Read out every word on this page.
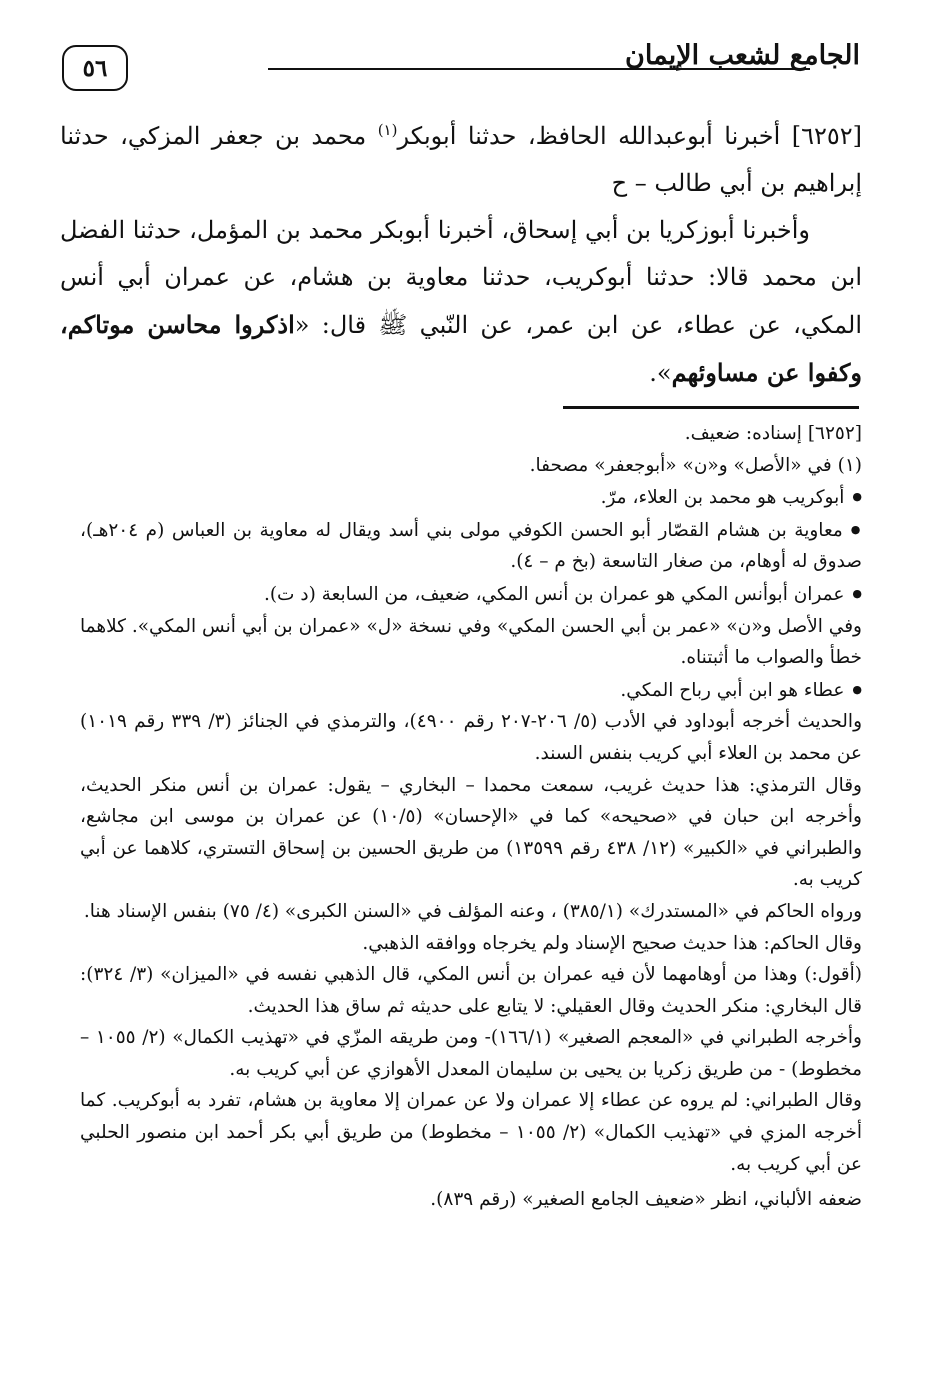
٥٦	الجامع لشعب الإيمان

[٦٢٥٢] أخبرنا أبوعبدالله الحافظ، حدثنا أبوبكر$^{(١)}$ محمد بن جعفر المزكي، حدثنا إبراهيم بن أبي طالب – ح

وأخبرنا أبوزكريا بن أبي إسحاق، أخبرنا أبوبكر محمد بن المؤمل، حدثنا الفضل ابن محمد قالا: حدثنا أبوكريب، حدثنا معاوية بن هشام، عن عمران أبي أنس المكي، عن عطاء، عن ابن عمر، عن النّبي ﷺ قال: «اذكروا محاسن موتاكم، وكفوا عن مساوئهم».

[٦٢٥٢] إسناده: ضعيف.

(١) في «الأصل» و«ن» «أبوجعفر» مصحفا.

● أبوكريب هو محمد بن العلاء، مرّ.

● معاوية بن هشام القصّار أبو الحسن الكوفي مولى بني أسد ويقال له معاوية بن العباس (م ٢٠٤هـ)، صدوق له أوهام، من صغار التاسعة (بخ م – ٤).

● عمران أبوأنس المكي هو عمران بن أنس المكي، ضعيف، من السابعة (د ت).

وفي الأصل و«ن» «عمر بن أبي الحسن المكي» وفي نسخة «ل» «عمران بن أبي أنس المكي». كلاهما خطأ والصواب ما أثبتناه.

● عطاء هو ابن أبي رباح المكي.

والحديث أخرجه أبوداود في الأدب (٥/ ٢٠٦-٢٠٧ رقم ٤٩٠٠)، والترمذي في الجنائز (٣/ ٣٣٩ رقم ١٠١٩) عن محمد بن العلاء أبي كريب بنفس السند.

وقال الترمذي: هذا حديث غريب، سمعت محمدا – البخاري – يقول: عمران بن أنس منكر الحديث، وأخرجه ابن حبان في «صحيحه» كما في «الإحسان» (١٠/٥) عن عمران بن موسى ابن مجاشع، والطبراني في «الكبير» (١٢/ ٤٣٨ رقم ١٣٥٩٩) من طريق الحسين بن إسحاق التستري، كلاهما عن أبي كريب به.

ورواه الحاكم في «المستدرك» (٣٨٥/١) ، وعنه المؤلف في «السنن الكبرى» (٤/ ٧٥) بنفس الإسناد هنا.

وقال الحاكم: هذا حديث صحيح الإسناد ولم يخرجاه ووافقه الذهبي.

(أقول:) وهذا من أوهامهما لأن فيه عمران بن أنس المكي، قال الذهبي نفسه في «الميزان» (٣/ ٣٢٤): قال البخاري: منكر الحديث وقال العقيلي: لا يتابع على حديثه ثم ساق هذا الحديث.

وأخرجه الطبراني في «المعجم الصغير» (١٦٦/١)- ومن طريقه المزّي في «تهذيب الكمال» (٢/ ١٠٥٥ – مخطوط) - من طريق زكريا بن يحيى بن سليمان المعدل الأهوازي عن أبي كريب به.

وقال الطبراني: لم يروه عن عطاء إلا عمران ولا عن عمران إلا معاوية بن هشام، تفرد به أبوكريب. كما أخرجه المزي في «تهذيب الكمال» (٢/ ١٠٥٥ – مخطوط) من طريق أبي بكر أحمد ابن منصور الحلبي عن أبي كريب به.

ضعفه الألباني، انظر «ضعيف الجامع الصغير» (رقم ٨٣٩).
